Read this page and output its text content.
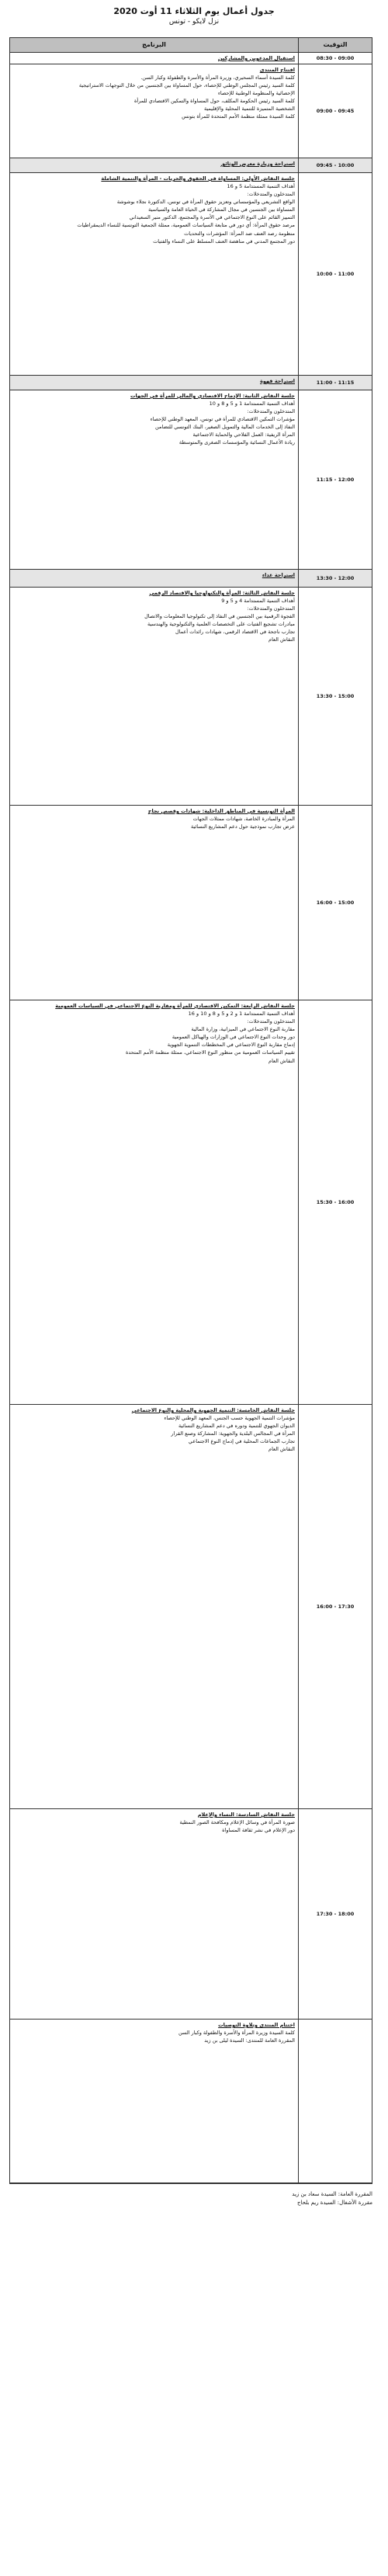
جدول أعمال يوم الثلاثاء 11 أوت 2020
نزل لايكو - تونس
التوقيت
البرنامج
09:00 - 08:30
استقبال المدعوين والمشاركين
09:45 - 09:00
افتتاح المنتدى
كلمة السيدة أسماء السحيري، وزيرة المرأة والأسرة والطفولة وكبار السن.
كلمة السيد رئيس المجلس الوطني للإحصاء، حول المساواة بين الجنسين من خلال التوجهات الاستراتيجية
الإحصائية والمنظومة الوطنية للإحصاء
كلمة السيد رئيس الحكومة المكلف، حول المساواة والتمكين الاقتصادي للمرأة
الشخصية المتميزة للتنمية المحلية والإقليمية
كلمة السيدة ممثلة منظمة الأمم المتحدة للمرأة بتونس
10:00 - 09:45
استراحة وزيارة معرض الوثائق
11:00 - 10:00
جلسة النقاش الأولى: المساواة في الحقوق والحريات - المرأة والتنمية الشاملة
أهداف التنمية المستدامة 5 و 16
المتدخلون والمتدخلات:
الواقع التشريعي والمؤسساتي وتعزيز حقوق المرأة في تونس، الدكتورة نجلاء بوشوشة
المساواة بين الجنسين في مجال المشاركة في الحياة العامة والسياسية
التمييز القائم على النوع الاجتماعي في الأسرة والمجتمع، الدكتور منير السعيداني
مرصد حقوق المرأة: أي دور في متابعة السياسات العمومية، ممثلة الجمعية التونسية للنساء الديمقراطيات
منظومة رصد العنف ضد المرأة: المؤشرات والتحديات
دور المجتمع المدني في مناهضة العنف المسلط على النساء والفتيات
11:15 - 11:00
استراحة قهوة
12:00 - 11:15
جلسة النقاش الثانية: الإدماج الاقتصادي والمالي للمرأة في الجهات
أهداف التنمية المستدامة 1 و 5 و 8 و 10
المتدخلون والمتدخلات:
مؤشرات التمكين الاقتصادي للمرأة في تونس، المعهد الوطني للإحصاء
النفاذ إلى الخدمات المالية والتمويل الصغير، البنك التونسي للتضامن
المرأة الريفية: العمل الفلاحي والحماية الاجتماعية
ريادة الأعمال النسائية والمؤسسات الصغرى والمتوسطة
12:00 - 13:30
استراحة غداء
15:00 - 13:30
جلسة النقاش الثالثة: المرأة والتكنولوجيا والاقتصاد الرقمي
أهداف التنمية المستدامة 4 و 5 و 9
المتدخلون والمتدخلات:
الفجوة الرقمية بين الجنسين في النفاذ إلى تكنولوجيا المعلومات والاتصال
مبادرات تشجيع الفتيات على التخصصات العلمية والتكنولوجية والهندسية
تجارب ناجحة في الاقتصاد الرقمي، شهادات رائدات أعمال
النقاش العام
15:00 - 16:00
المرأة التونسية في المناطق الداخلية: شهادات وقصص نجاح
المرأة والمبادرة الخاصة، شهادات ممثلات الجهات
عرض تجارب نموذجية حول دعم المشاريع النسائية
16:00 - 15:30
جلسة النقاش الرابعة: التمكين الاقتصادي للمرأة ومقاربة النوع الاجتماعي في السياسات العمومية
أهداف التنمية المستدامة 1 و 2 و 5 و 8 و 10 و 16
المتدخلون والمتدخلات:
مقاربة النوع الاجتماعي في الميزانية، وزارة المالية
دور وحدات النوع الاجتماعي في الوزارات والهياكل العمومية
إدماج مقاربة النوع الاجتماعي في المخططات التنموية الجهوية
تقييم السياسات العمومية من منظور النوع الاجتماعي، ممثلة منظمة الأمم المتحدة
النقاش العام
17:30 - 16:00
جلسة النقاش الخامسة: التنمية الجهوية والمحلية والنوع الاجتماعي
مؤشرات التنمية الجهوية حسب الجنس، المعهد الوطني للإحصاء
الديوان الجهوي للتنمية ودوره في دعم المشاريع النسائية
المرأة في المجالس البلدية والجهوية: المشاركة وصنع القرار
تجارب الجماعات المحلية في إدماج النوع الاجتماعي
النقاش العام
18:00 - 17:30
جلسة النقاش السادسة: النساء والإعلام
صورة المرأة في وسائل الإعلام ومكافحة الصور النمطية
دور الإعلام في نشر ثقافة المساواة
اختتام المنتدى وتلاوة التوصيات
كلمة السيدة وزيرة المرأة والأسرة والطفولة وكبار السن
المقررة العامة للمنتدى: السيدة ليلى بن زيد
المقررة العامة: السيدة سعاد بن زيد
مقررة الأشغال: السيدة ريم بلحاج
